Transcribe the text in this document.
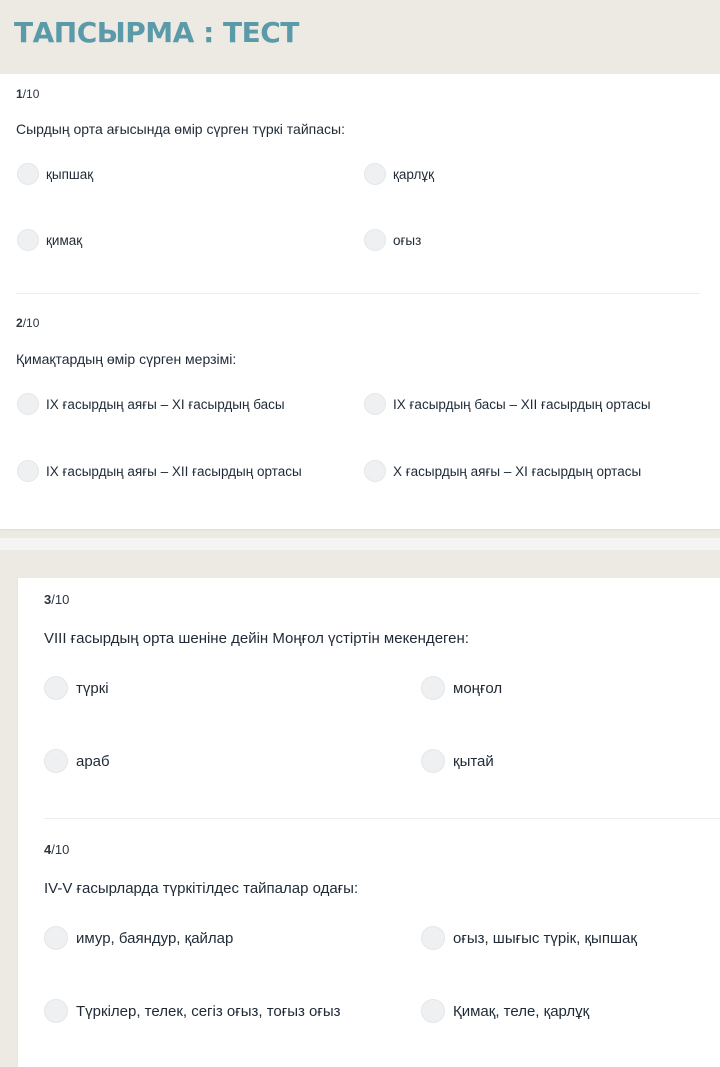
ТАПСЫРМА : ТЕСТ
1/10
Сырдың орта ағысында өмір сүрген түркі тайпасы:
қыпшақ	қарлұқ
қимақ	оғыз
2/10
Қимақтардың өмір сүрген мерзімі:
IX ғасырдың аяғы – XI ғасырдың басы	IX ғасырдың басы – XII ғасырдың ортасы
IX ғасырдың аяғы – XII ғасырдың ортасы	X ғасырдың аяғы – XI ғасырдың ортасы
3/10
VIII ғасырдың орта шеніне дейін Моңғол үстіртін мекендеген:
түркі	моңғол
араб	қытай
4/10
IV-V ғасырларда түркітілдес тайпалар одағы:
имур, баяндур, қайлар	оғыз, шығыс түрік, қыпшақ
Түркілер, телек, сегіз оғыз, тоғыз оғыз	Қимақ, теле, қарлұқ
